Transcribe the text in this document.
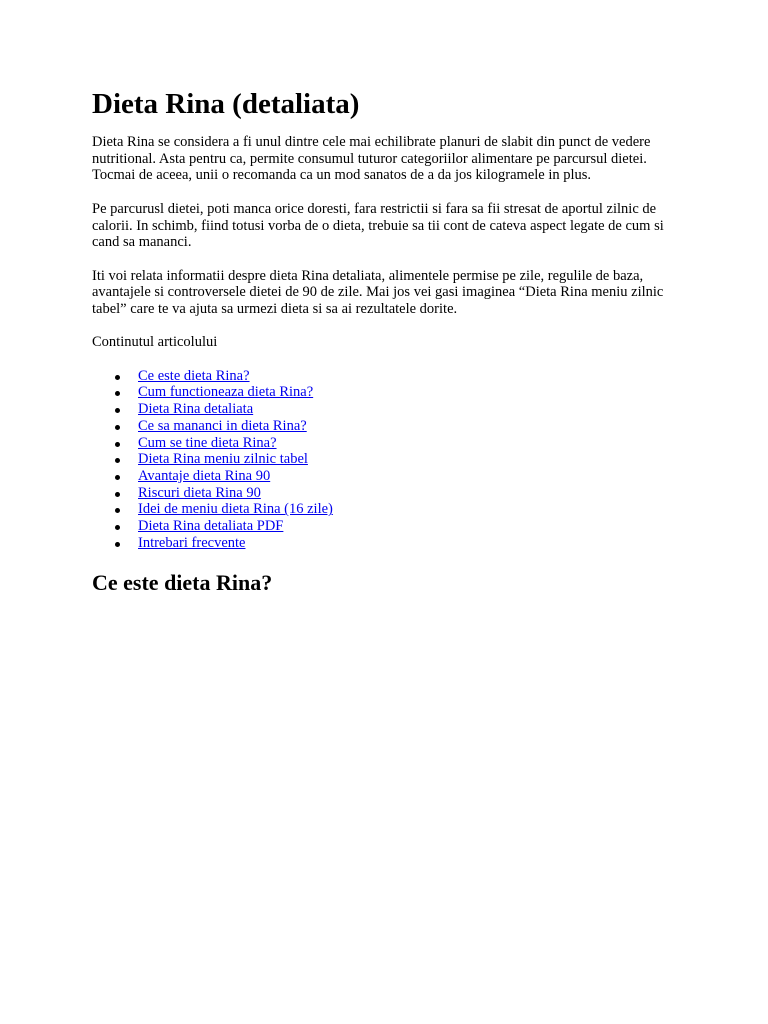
Dieta Rina (detaliata)

Dieta Rina se considera a fi unul dintre cele mai echilibrate planuri de slabit din punct de vedere nutritional. Asta pentru ca, permite consumul tuturor categoriilor alimentare pe parcursul dietei. Tocmai de aceea, unii o recomanda ca un mod sanatos de a da jos kilogramele in plus.

Pe parcurusl dietei, poti manca orice doresti, fara restrictii si fara sa fii stresat de aportul zilnic de calorii. In schimb, fiind totusi vorba de o dieta, trebuie sa tii cont de cateva aspect legate de cum si cand sa mananci.

Iti voi relata informatii despre dieta Rina detaliata, alimentele permise pe zile, regulile de baza, avantajele si controversele dietei de 90 de zile. Mai jos vei gasi imaginea “Dieta Rina meniu zilnic tabel” care te va ajuta sa urmezi dieta si sa ai rezultatele dorite.

Continutul articolului

Ce este dieta Rina?
Cum functioneaza dieta Rina?
Dieta Rina detaliata
Ce sa mananci in dieta Rina?
Cum se tine dieta Rina?
Dieta Rina meniu zilnic tabel
Avantaje dieta Rina 90
Riscuri dieta Rina 90
Idei de meniu dieta Rina (16 zile)
Dieta Rina detaliata PDF
Intrebari frecvente
Ce este dieta Rina?
